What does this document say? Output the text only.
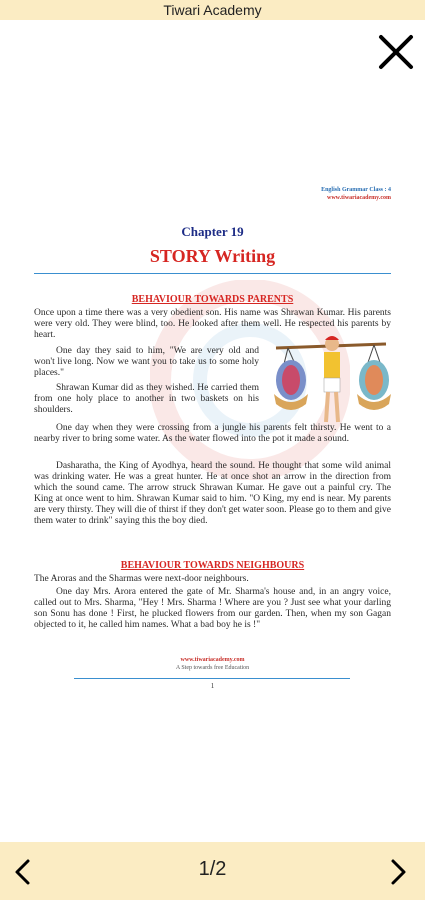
Tiwari Academy
English Grammar Class : 4
www.tiwariacademy.com
Chapter 19
STORY Writing
BEHAVIOUR TOWARDS PARENTS

Once upon a time there was a very obedient son. His name was Shrawan Kumar. His parents were very old. They were blind, too. He looked after them well. He respected his parents by heart.

One day they said to him, "We are very old and won't live long. Now we want you to take us to some holy places."

Shrawan Kumar did as they wished. He carried them from one holy place to another in two baskets on his shoulders.

One day when they were crossing from a jungle his parents felt thirsty. He went to a nearby river to bring some water. As the water flowed into the pot it made a sound.

Dasharatha, the King of Ayodhya, heard the sound. He thought that some wild animal was drinking water. He was a great hunter. He at once shot an arrow in the direction from which the sound came. The arrow struck Shrawan Kumar. He gave out a painful cry. The King at once went to him. Shrawan Kumar said to him. "O King, my end is near. My parents are very thirsty. They will die of thirst if they don't get water soon. Please go to them and give them water to drink" saying this the boy died.

BEHAVIOUR TOWARDS NEIGHBOURS

The Aroras and the Sharmas were next-door neighbours.

One day Mrs. Arora entered the gate of Mr. Sharma's house and, in an angry voice, called out to Mrs. Sharma, "Hey ! Mrs. Sharma ! Where are you ? Just see what your darling son Sonu has done ! First, he plucked flowers from our garden. Then, when my son Gagan objected to it, he called him names. What a bad boy he is !"

www.tiwariacademy.com
A Step towards free Education
1
1/2
